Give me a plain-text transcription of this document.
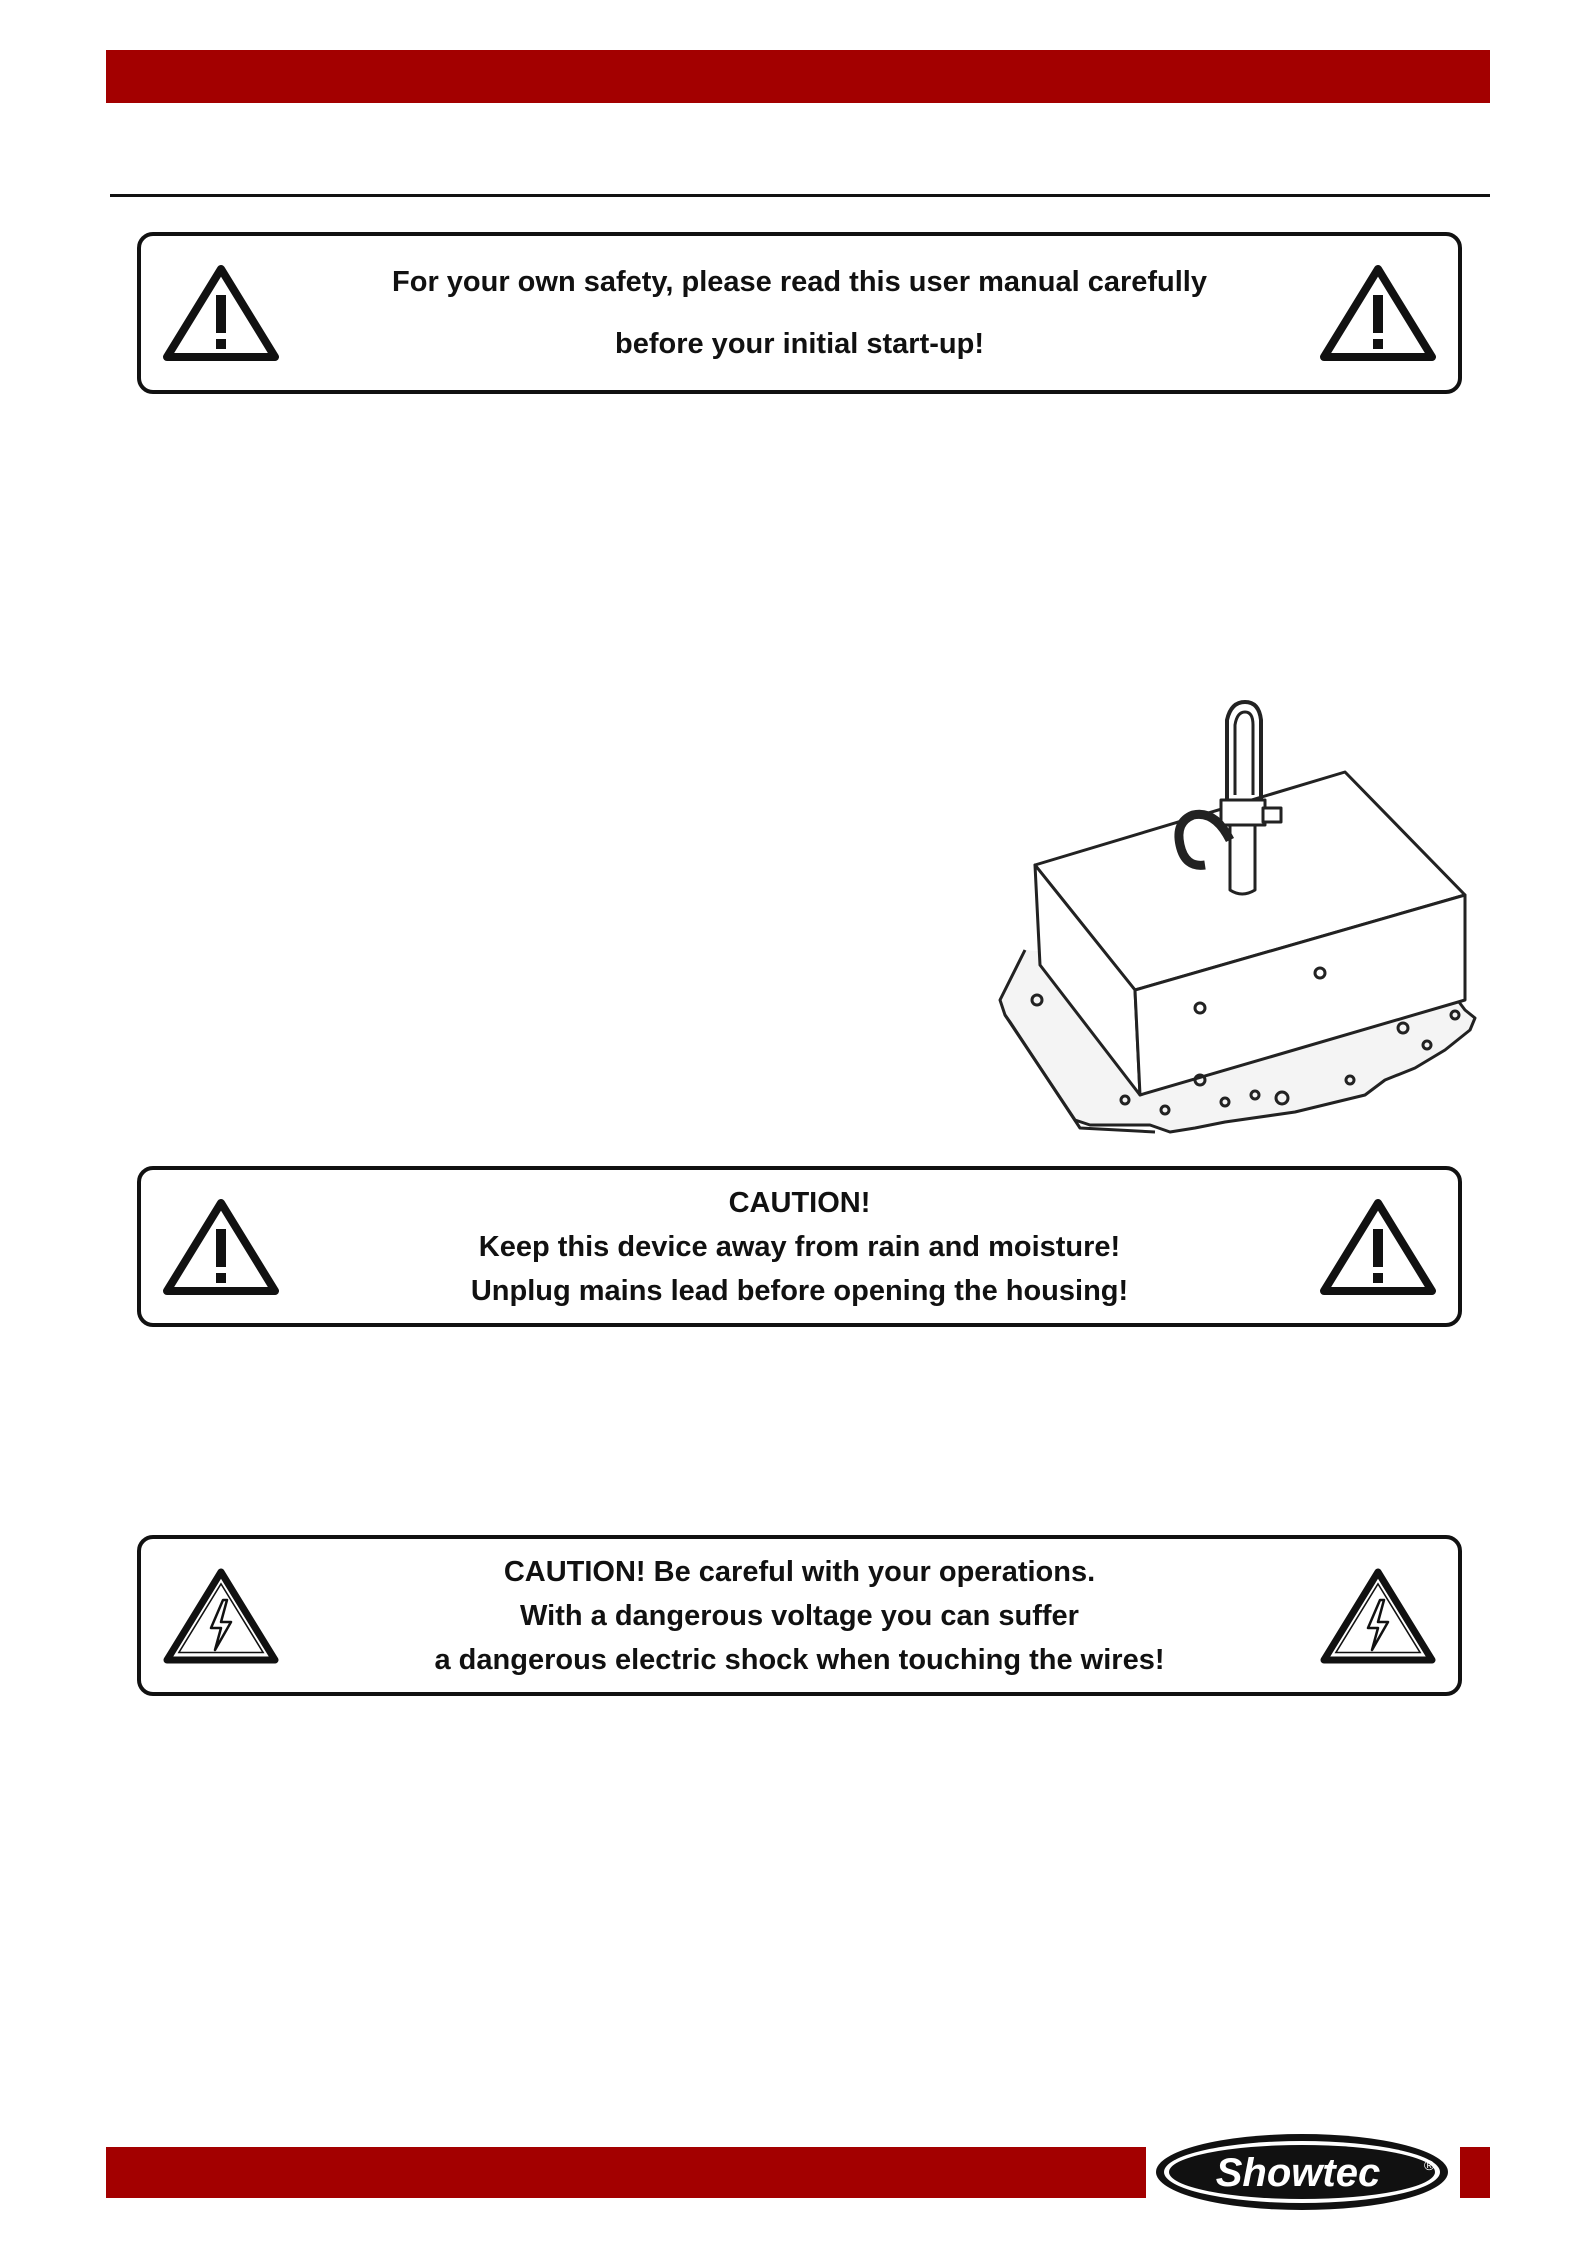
For your own safety, please read this user manual carefully
before your initial start-up!
CAUTION!
Keep this device away from rain and moisture!
Unplug mains lead before opening the housing!
CAUTION! Be careful with your operations.
With a dangerous voltage you can suffer
a dangerous electric shock when touching the wires!
Showtec	®
